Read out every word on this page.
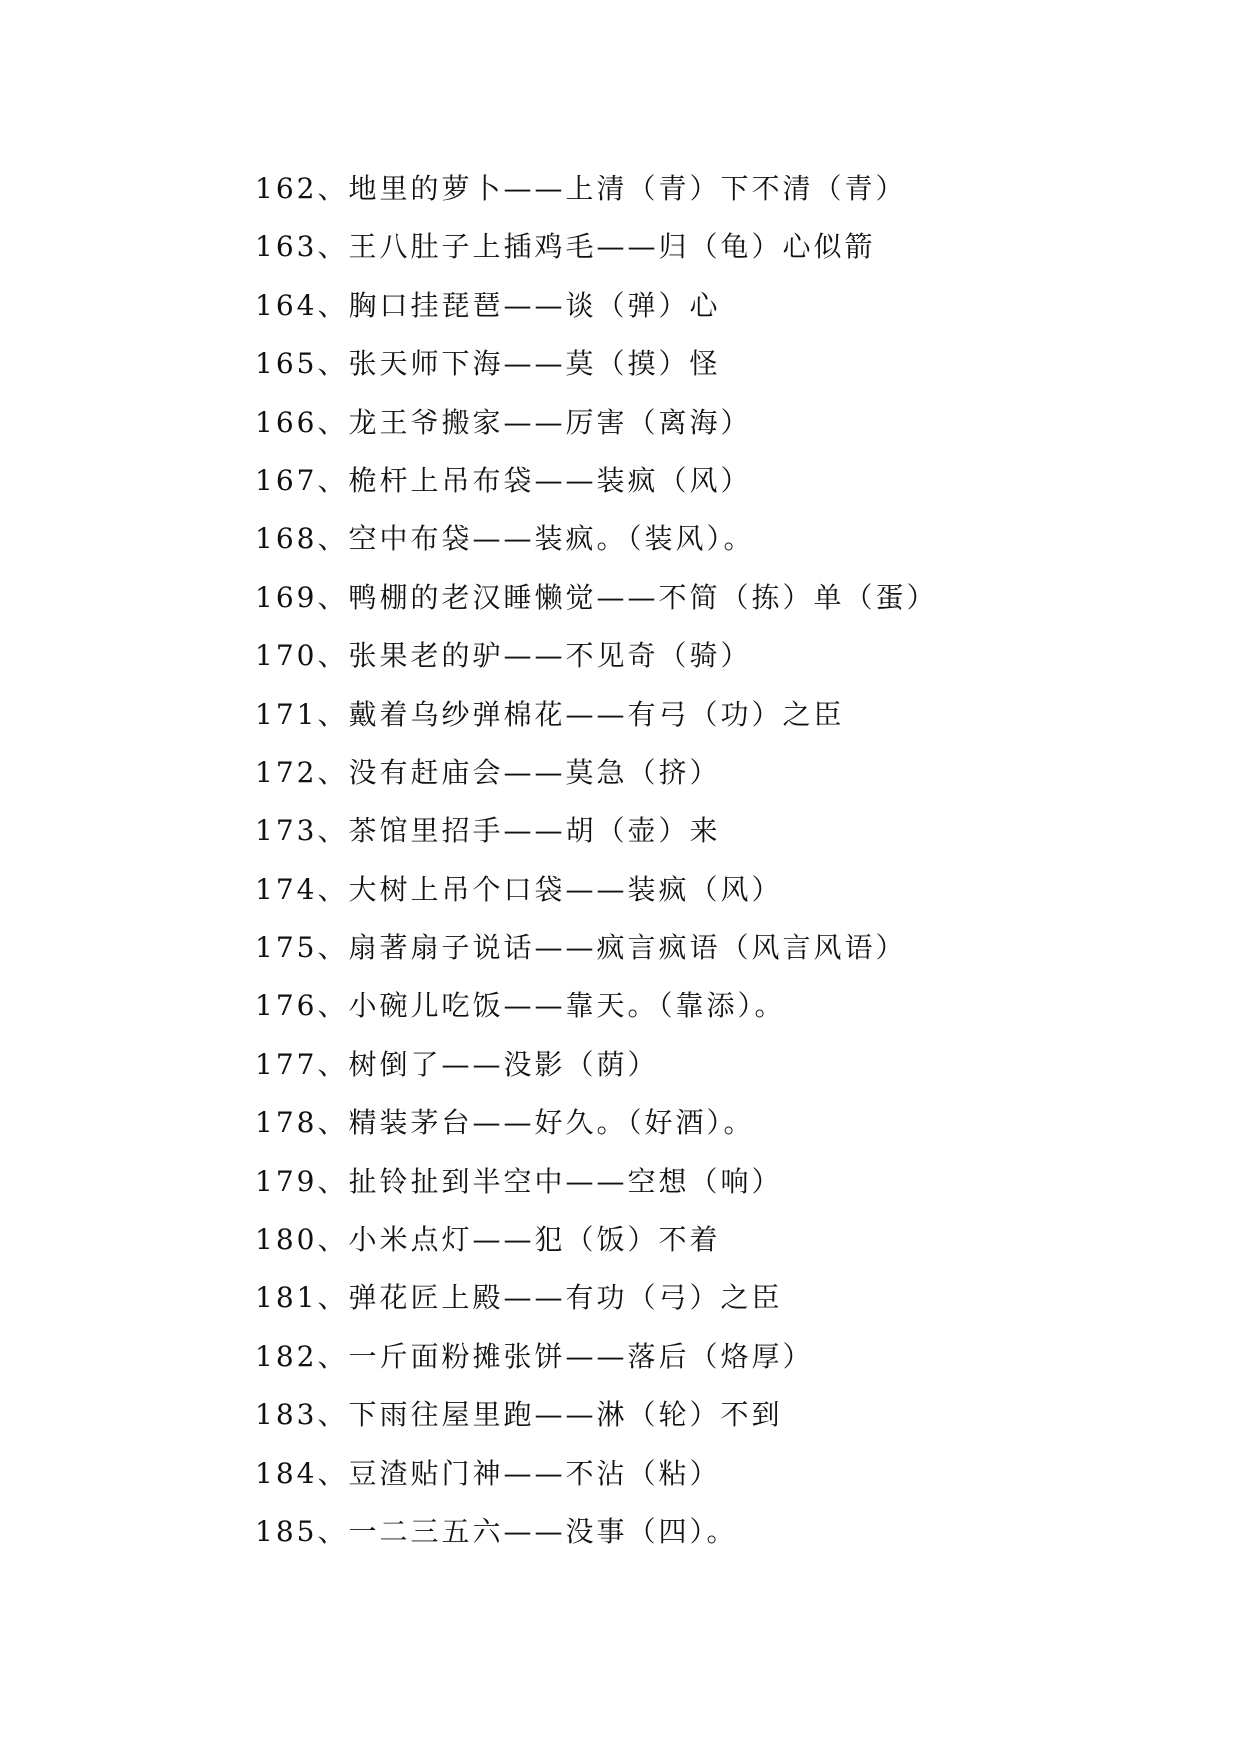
162、地里的萝卜——上清（青）下不清（青）
163、王八肚子上插鸡毛——归（龟）心似箭
164、胸口挂琵琶——谈（弹）心
165、张天师下海——莫（摸）怪
166、龙王爷搬家——厉害（离海）
167、桅杆上吊布袋——装疯（风）
168、空中布袋——装疯。（装风）。
169、鸭棚的老汉睡懒觉——不简（拣）单（蛋）
170、张果老的驴——不见奇（骑）
171、戴着乌纱弹棉花——有弓（功）之臣
172、没有赶庙会——莫急（挤）
173、茶馆里招手——胡（壶）来
174、大树上吊个口袋——装疯（风）
175、扇著扇子说话——疯言疯语（风言风语）
176、小碗儿吃饭——靠天。（靠添）。
177、树倒了——没影（荫）
178、精装茅台——好久。（好酒）。
179、扯铃扯到半空中——空想（响）
180、小米点灯——犯（饭）不着
181、弹花匠上殿——有功（弓）之臣
182、一斤面粉摊张饼——落后（烙厚）
183、下雨往屋里跑——淋（轮）不到
184、豆渣贴门神——不沾（粘）
185、一二三五六——没事（四）。
